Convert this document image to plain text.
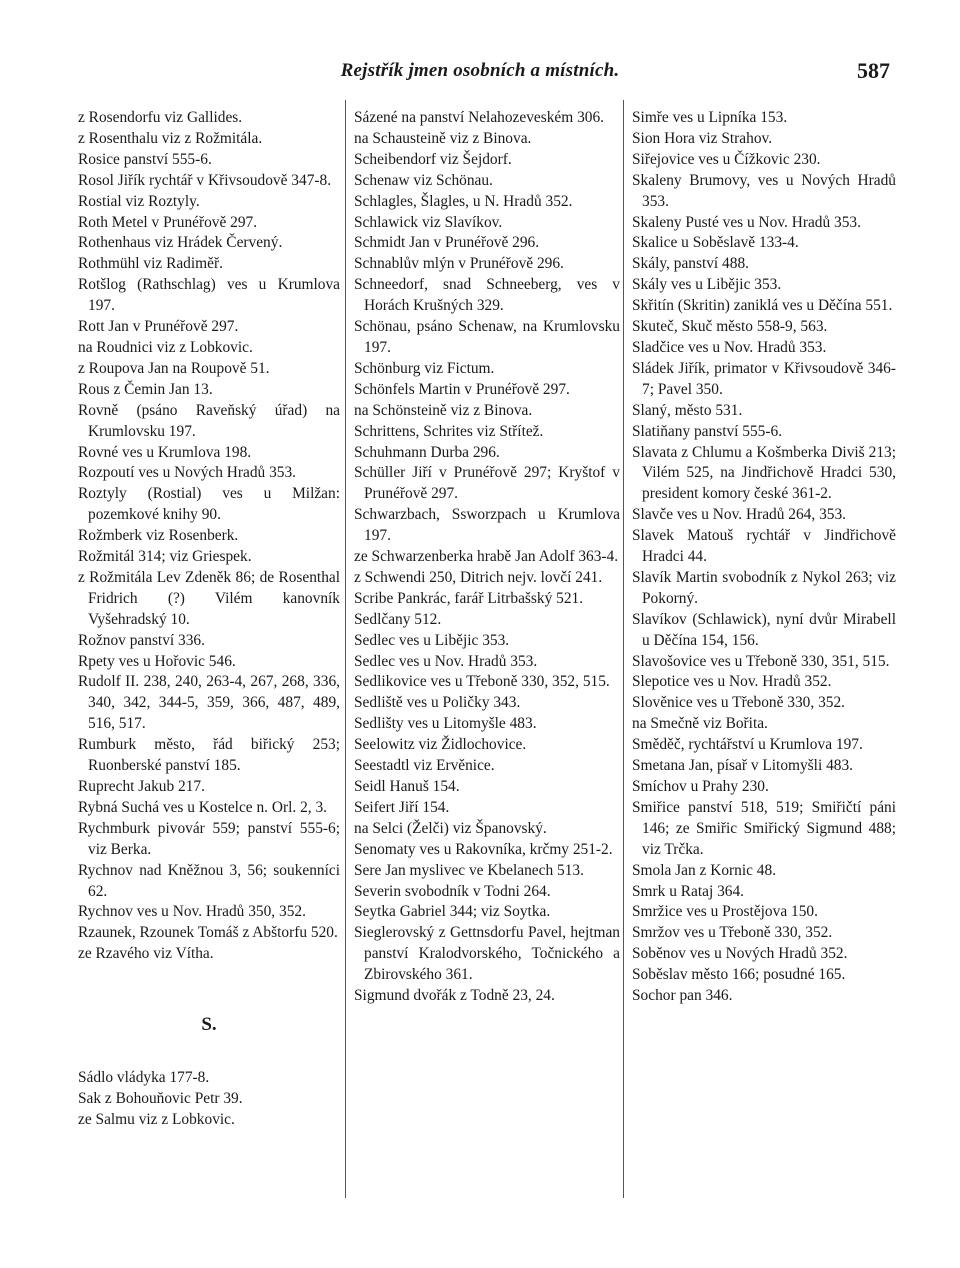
Rejstřík jmen osobních a místních.	587

z Rosendorfu viz Gallides.

z Rosenthalu viz z Rožmitála.

Rosice panství 555-6.

Rosol Jiřík rychtář v Křivsoudově 347-8.

Rostial viz Roztyly.

Roth Metel v Prunéřově 297.

Rothenhaus viz Hrádek Červený.

Rothmühl viz Radiměř.

Rotšlog (Rathschlag) ves u Krumlova 197.

Rott Jan v Prunéřově 297.

na Roudnici viz z Lobkovic.

z Roupova Jan na Roupově 51.

Rous z Čemin Jan 13.

Rovně (psáno Raveňský úřad) na Krumlovsku 197.

Rovné ves u Krumlova 198.

Rozpoutí ves u Nových Hradů 353.

Roztyly (Rostial) ves u Milžan: pozemkové knihy 90.

Rožmberk viz Rosenberk.

Rožmitál 314; viz Griespek.

z Rožmitála Lev Zdeněk 86; de Rosenthal Fridrich (?) Vilém kanovník Vyšehradský 10.

Rožnov panství 336.

Rpety ves u Hořovic 546.

Rudolf II. 238, 240, 263-4, 267, 268, 336, 340, 342, 344-5, 359, 366, 487, 489, 516, 517.

Rumburk město, řád biřický 253; Ruonberské panství 185.

Ruprecht Jakub 217.

Rybná Suchá ves u Kostelce n. Orl. 2, 3.

Rychmburk pivovár 559; panství 555-6; viz Berka.

Rychnov nad Kněžnou 3, 56; soukenníci 62.

Rychnov ves u Nov. Hradů 350, 352.

Rzaunek, Rzounek Tomáš z Abštorfu 520.

ze Rzavého viz Vítha.

S.

Sádlo vládyka 177-8.

Sak z Bohouňovic Petr 39.

ze Salmu viz z Lobkovic.

Sázené na panství Nelahozeveském 306.

na Schausteině viz z Binova.

Scheibendorf viz Šejdorf.

Schenaw viz Schönau.

Schlagles, Šlagles, u N. Hradů 352.

Schlawick viz Slavíkov.

Schmidt Jan v Prunéřově 296.

Schnablův mlýn v Prunéřově 296.

Schneedorf, snad Schneeberg, ves v Horách Krušných 329.

Schönau, psáno Schenaw, na Krumlovsku 197.

Schönburg viz Fictum.

Schönfels Martin v Prunéřově 297.

na Schönsteině viz z Binova.

Schrittens, Schrites viz Střítež.

Schuhmann Durba 296.

Schüller Jiří v Prunéřově 297; Kryštof v Prunéřově 297.

Schwarzbach, Ssworzpach u Krumlova 197.

ze Schwarzenberka hrabě Jan Adolf 363-4.

z Schwendi 250, Ditrich nejv. lovčí 241.

Scribe Pankrác, farář Litrbašský 521.

Sedlčany 512.

Sedlec ves u Liběјic 353.

Sedlec ves u Nov. Hradů 353.

Sedlikovice ves u Třeboně 330, 352, 515.

Sedliště ves u Poličky 343.

Sedlišty ves u Litomyšle 483.

Seelowitz viz Židlochovice.

Seestadtl viz Ervěnice.

Seidl Hanuš 154.

Seifert Jiří 154.

na Selci (Želči) viz Španovský.

Senomaty ves u Rakovníka, krčmy 251-2.

Sere Jan myslivec ve Kbelanech 513.

Severin svobodník v Todni 264.

Seytka Gabriel 344; viz Soytka.

Sieglerovský z Gettnsdorfu Pavel, hejtman panství Kralodvorského, Točnického a Zbirovského 361.

Sigmund dvořák z Todně 23, 24.

Simře ves u Lipníka 153.

Sion Hora viz Strahov.

Siřejovice ves u Čížkovic 230.

Skaleny Brumovy, ves u Nových Hradů 353.

Skaleny Pusté ves u Nov. Hradů 353.

Skalice u Soběslavě 133-4.

Skály, panství 488.

Skály ves u Liběјic 353.

Skřitín (Skritin) zaniklá ves u Děčína 551.

Skuteč, Skuč město 558-9, 563.

Sladčice ves u Nov. Hradů 353.

Sládek Jiřík, primator v Křivsoudově 346-7; Pavel 350.

Slaný, město 531.

Slatiňany panství 555-6.

Slavata z Chlumu a Košmberka Diviš 213; Vilém 525, na Jindřichově Hradci 530, president komory české 361-2.

Slavče ves u Nov. Hradů 264, 353.

Slavek Matouš rychtář v Jindřichově Hradci 44.

Slavík Martin svobodník z Nykol 263; viz Pokorný.

Slavíkov (Schlawick), nyní dvůr Mirabell u Děčína 154, 156.

Slavošovice ves u Třeboně 330, 351, 515.

Slepotice ves u Nov. Hradů 352.

Slověnice ves u Třeboně 330, 352.

na Smečně viz Bořita.

Směděč, rychtářství u Krumlova 197.

Smetana Jan, písař v Litomyšli 483.

Smíchov u Prahy 230.

Smiřice panství 518, 519; Smiřičtí páni 146; ze Smiřic Smiřický Sigmund 488; viz Trčka.

Smola Jan z Kornic 48.

Smrk u Rataj 364.

Smržice ves u Prostějova 150.

Smržov ves u Třeboně 330, 352.

Soběnov ves u Nových Hradů 352.

Soběslav město 166; posudné 165.

Sochor pan 346.
